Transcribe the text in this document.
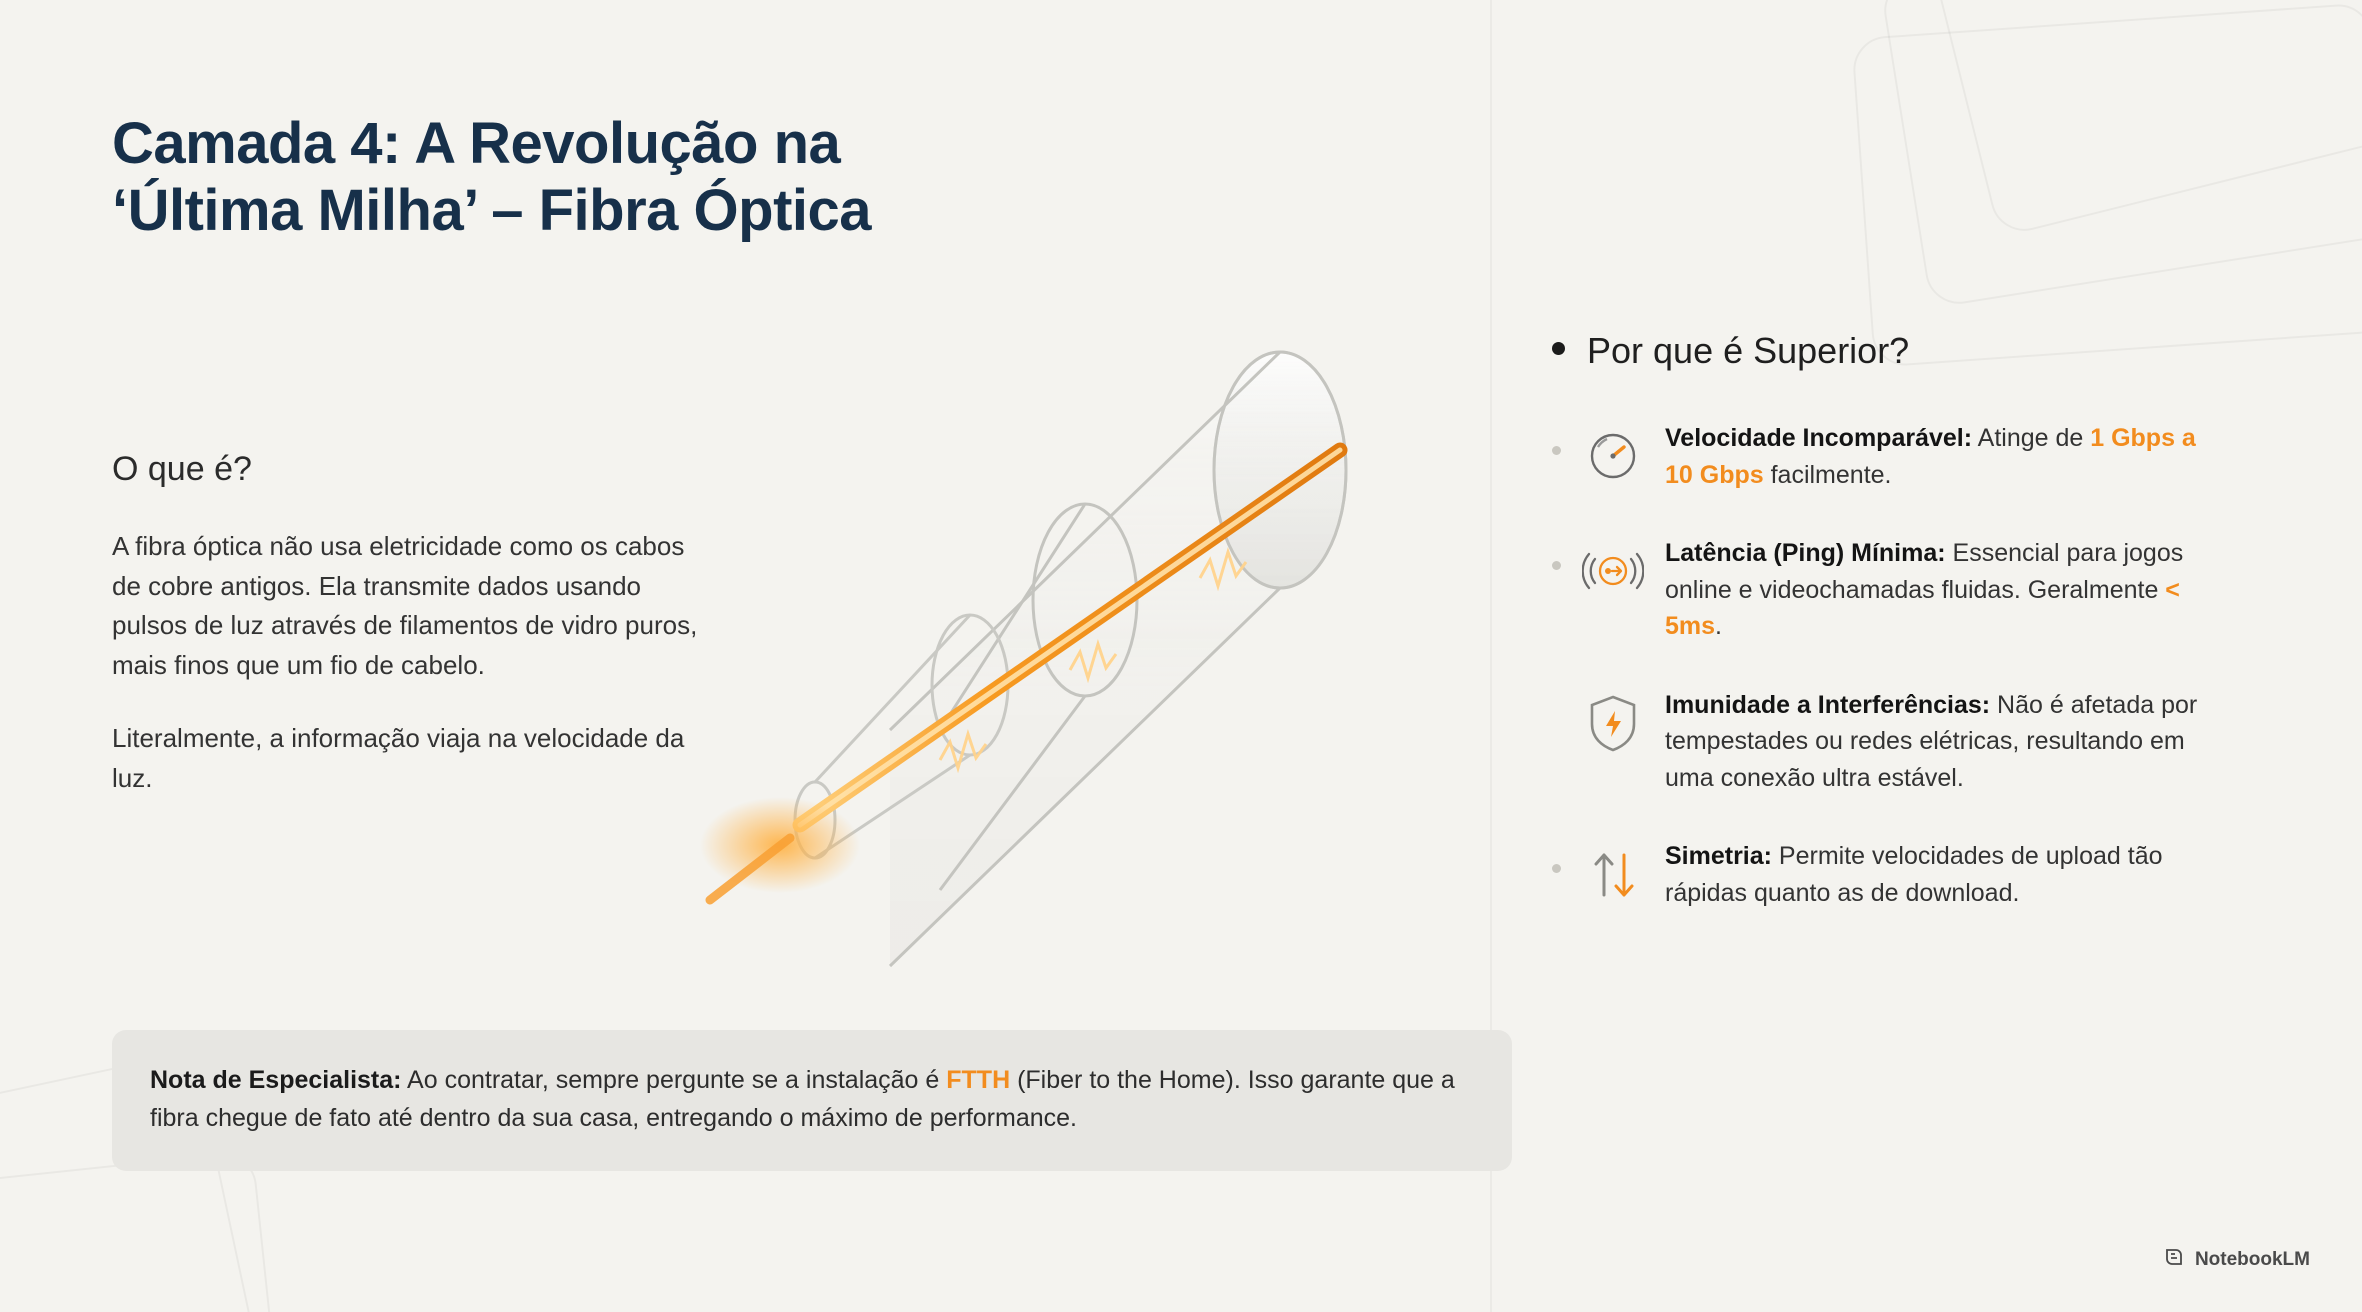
Camada 4: A Revolução na
‘Última Milha’ – Fibra Óptica
O que é?

A fibra óptica não usa eletricidade como os cabos de cobre antigos. Ela transmite dados usando pulsos de luz através de filamentos de vidro puros, mais finos que um fio de cabelo.

Literalmente, a informação viaja na velocidade da luz.

Nota de Especialista: Ao contratar, sempre pergunte se a instalação é FTTH (Fiber to the Home). Isso garante que a fibra chegue de fato até dentro da sua casa, entregando o máximo de performance.
Por que é Superior?
Velocidade Incomparável: Atinge de 1 Gbps a 10 Gbps facilmente.
Latência (Ping) Mínima: Essencial para jogos online e videochamadas fluidas. Geralmente < 5ms.
Imunidade a Interferências: Não é afetada por tempestades ou redes elétricas, resultando em uma conexão ultra estável.
Simetria: Permite velocidades de upload tão rápidas quanto as de download.
NotebookLM
